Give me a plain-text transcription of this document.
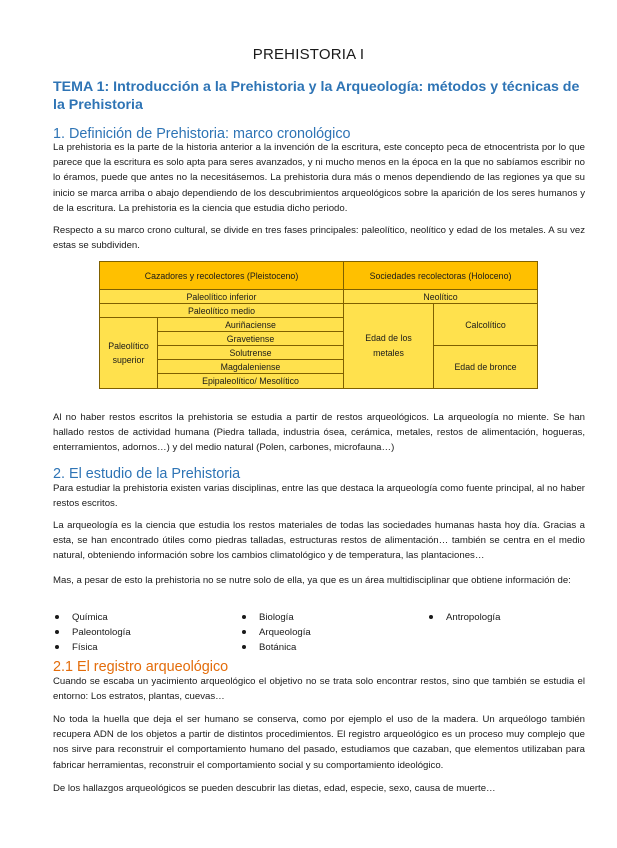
PREHISTORIA I
TEMA 1: Introducción a la Prehistoria y la Arqueología: métodos y técnicas de la Prehistoria
1. Definición de Prehistoria: marco cronológico

La prehistoria es la parte de la historia anterior a la invención de la escritura, este concepto peca de etnocentrista por lo que parece que la escritura es solo apta para seres avanzados, y ni mucho menos en la época en la que no sabíamos escribir no lo éramos, puede que antes no la necesitásemos. La prehistoria dura más o menos dependiendo de las regiones ya que su inicio se marca arriba o abajo dependiendo de los descubrimientos arqueológicos sobre la aparición de los seres humanos y de la escritura. La prehistoria es la ciencia que estudia dicho periodo.

Respecto a su marco crono cultural, se divide en tres fases principales: paleolítico, neolítico y edad de los metales. A su vez estas se subdividen.

Cazadores y recolectores (Pleistoceno)		Sociedades recolectoras (Holoceno)	
Paleolítico inferior		Neolítico	
Paleolítico medio		Edad de los metales	Calcolítico
Paleolítico superior	Auriñaciense		
	Gravetiense		
	Solutrense		Edad de bronce
	Magdaleniense		
	Epipaleolítico/ Mesolítico		

Al no haber restos escritos la prehistoria se estudia a partir de restos arqueológicos. La arqueología no miente. Se han hallado restos de actividad humana (Piedra tallada, industria ósea, cerámica, metales, restos de alimentación, hogueras, enterramientos, adornos…) y del medio natural (Polen, carbones, microfauna…)

2. El estudio de la Prehistoria

Para estudiar la prehistoria existen varias disciplinas, entre las que destaca la arqueología como fuente principal, al no haber restos escritos.

La arqueología es la ciencia que estudia los restos materiales de todas las sociedades humanas hasta hoy día. Gracias a esta, se han encontrado útiles como piedras talladas, estructuras restos de alimentación… también se centra en el medio natural, obteniendo información sobre los cambios climatológico y de temperatura, las plantaciones…

Mas, a pesar de esto la prehistoria no se nutre solo de ella, ya que es un área multidisciplinar que obtiene información de:

Química
Paleontología
Física
Biología
Arqueología
Botánica
Antropología
2.1 El registro arqueológico

Cuando se escaba un yacimiento arqueológico el objetivo no se trata solo encontrar restos, sino que también se estudia el entorno: Los estratos, plantas, cuevas…

No toda la huella que deja el ser humano se conserva, como por ejemplo el uso de la madera. Un arqueólogo también recupera ADN de los objetos a partir de distintos procedimientos. El registro arqueológico es un proceso muy complejo que nos sirve para reconstruir el comportamiento humano del pasado, estudiamos que cazaban, que elementos utilizaban para fabricar herramientas, reconstruir el comportamiento social y su comportamiento ideológico.

De los hallazgos arqueológicos se pueden descubrir las dietas, edad, especie, sexo, causa de muerte…
